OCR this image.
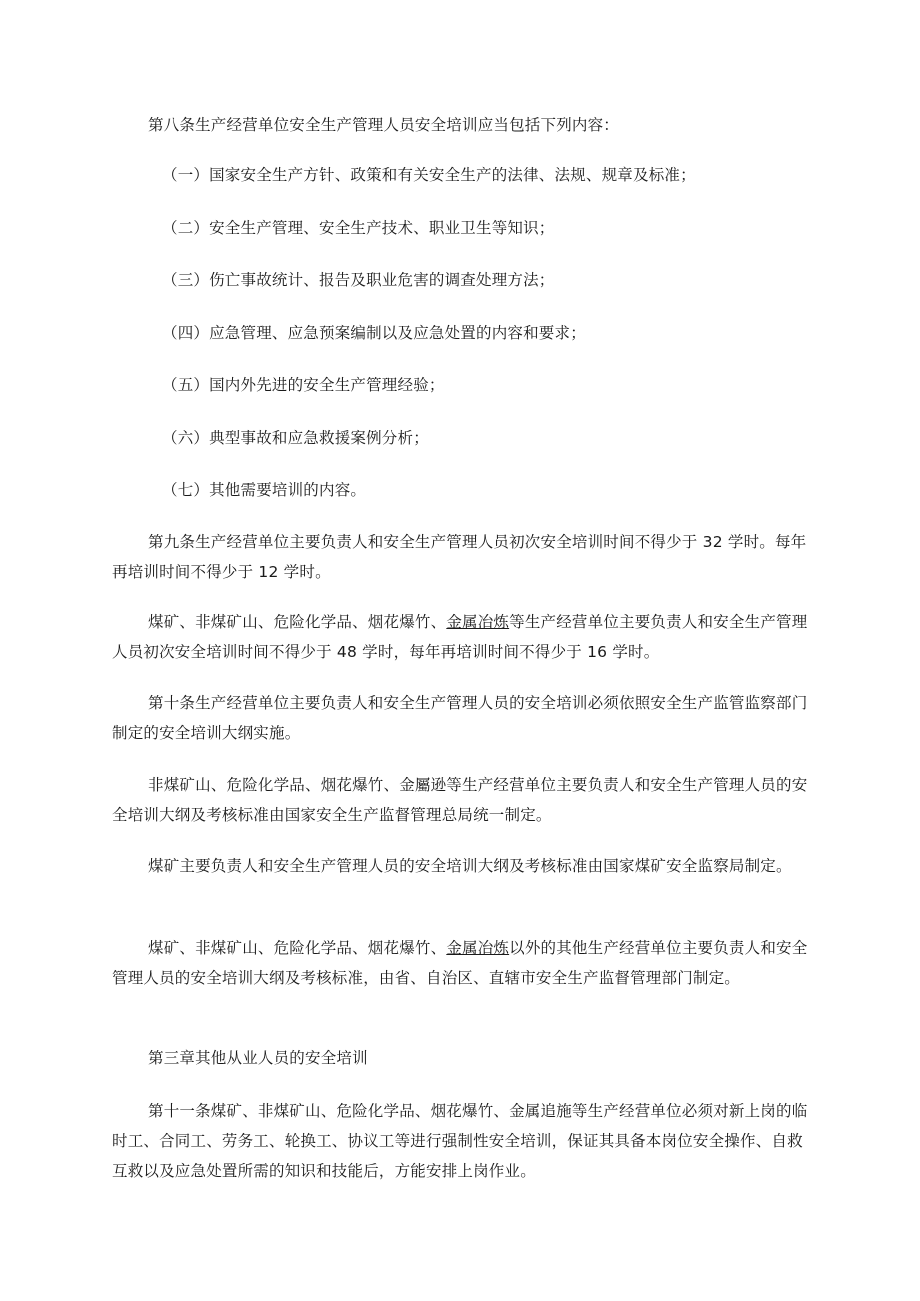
第八条生产经营单位安全生产管理人员安全培训应当包括下列内容：

（一）国家安全生产方针、政策和有关安全生产的法律、法规、规章及标准；

（二）安全生产管理、安全生产技术、职业卫生等知识；

（三）伤亡事故统计、报告及职业危害的调查处理方法；

（四）应急管理、应急预案编制以及应急处置的内容和要求；

（五）国内外先进的安全生产管理经验；

（六）典型事故和应急救援案例分析；

（七）其他需要培训的内容。

第九条生产经营单位主要负责人和安全生产管理人员初次安全培训时间不得少于 32 学时。每年再培训时间不得少于 12 学时。

煤矿、非煤矿山、危险化学品、烟花爆竹、金属冶炼等生产经营单位主要负责人和安全生产管理人员初次安全培训时间不得少于 48 学时，每年再培训时间不得少于 16 学时。

第十条生产经营单位主要负责人和安全生产管理人员的安全培训必须依照安全生产监管监察部门制定的安全培训大纲实施。

非煤矿山、危险化学品、烟花爆竹、金屬逊等生产经营单位主要负责人和安全生产管理人员的安全培训大纲及考核标准由国家安全生产监督管理总局统一制定。

煤矿主要负责人和安全生产管理人员的安全培训大纲及考核标准由国家煤矿安全监察局制定。

煤矿、非煤矿山、危险化学品、烟花爆竹、金属冶炼以外的其他生产经营单位主要负责人和安全管理人员的安全培训大纲及考核标准，由省、自治区、直辖市安全生产监督管理部门制定。

第三章其他从业人员的安全培训

第十一条煤矿、非煤矿山、危险化学品、烟花爆竹、金属追施等生产经营单位必须对新上岗的临时工、合同工、劳务工、轮换工、协议工等进行强制性安全培训，保证其具备本岗位安全操作、自救互救以及应急处置所需的知识和技能后，方能安排上岗作业。
